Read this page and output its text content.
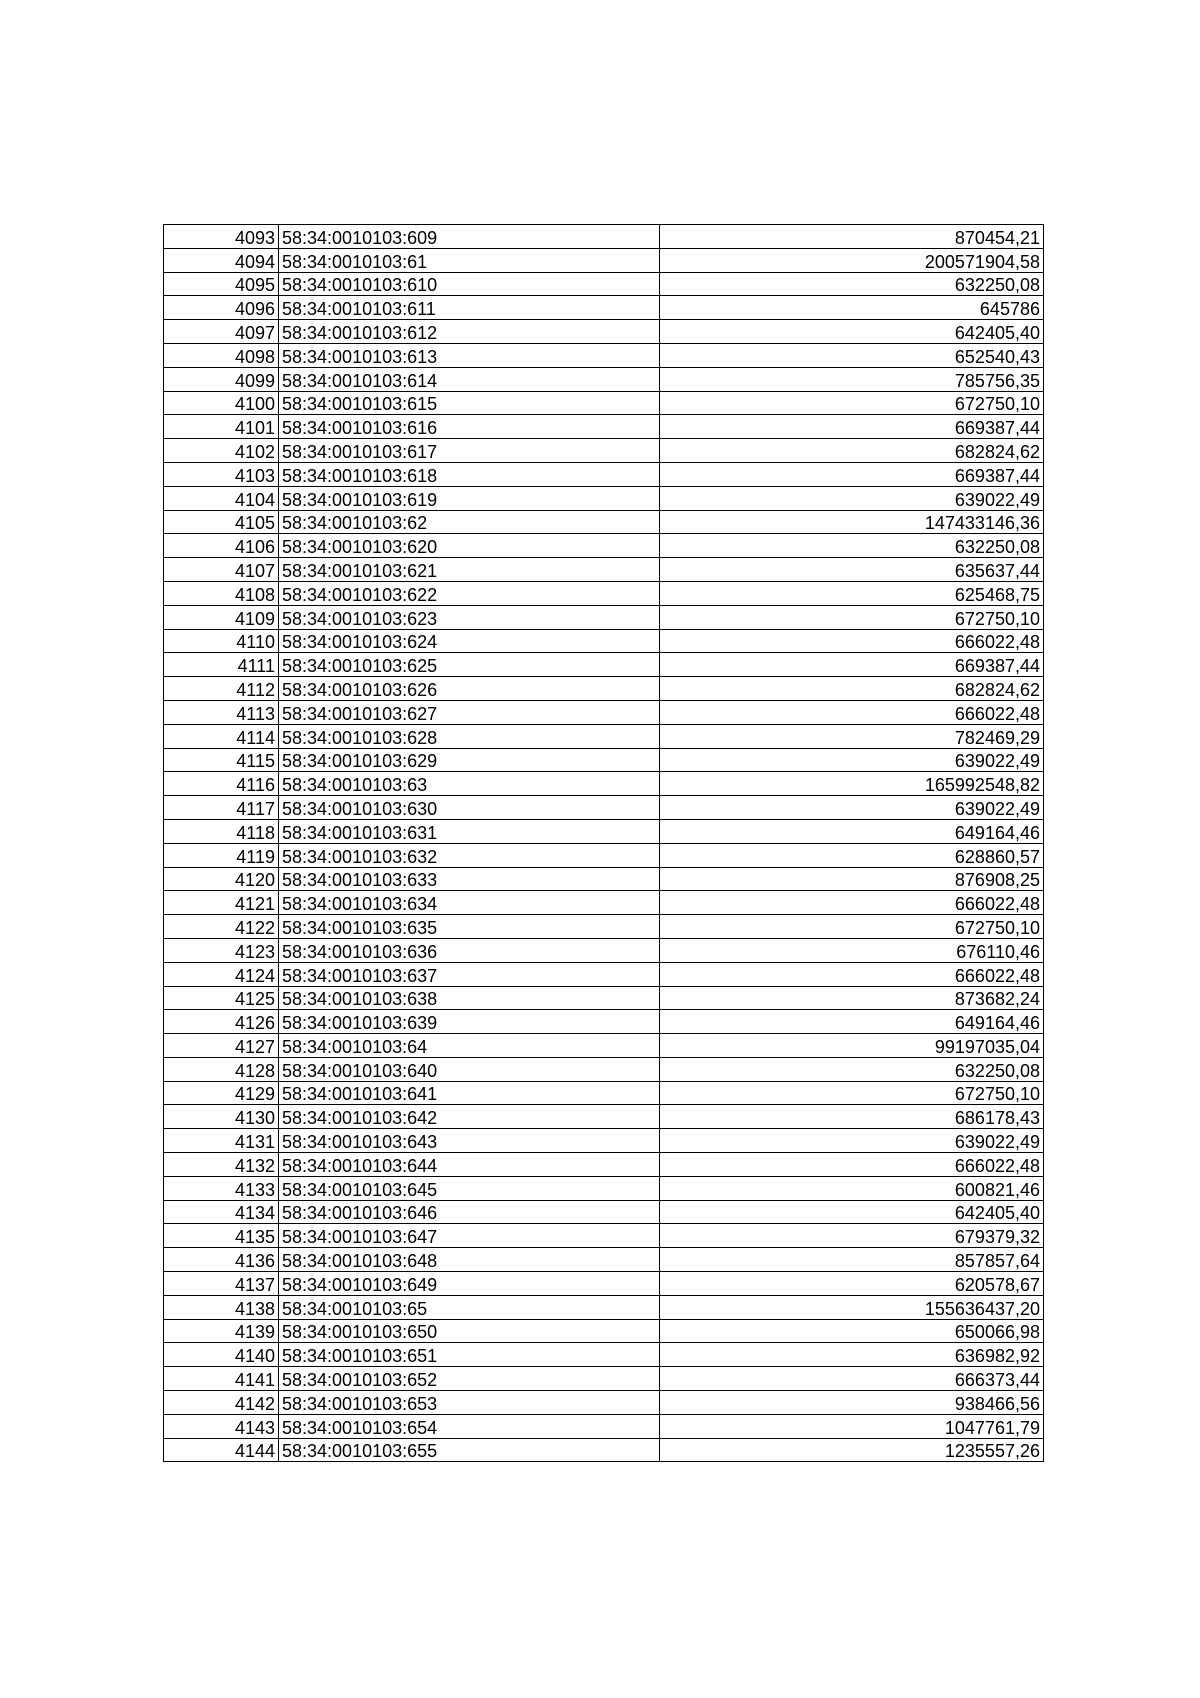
4093	58:34:0010103:609	870454,21
4094	58:34:0010103:61	200571904,58
4095	58:34:0010103:610	632250,08
4096	58:34:0010103:611	645786
4097	58:34:0010103:612	642405,40
4098	58:34:0010103:613	652540,43
4099	58:34:0010103:614	785756,35
4100	58:34:0010103:615	672750,10
4101	58:34:0010103:616	669387,44
4102	58:34:0010103:617	682824,62
4103	58:34:0010103:618	669387,44
4104	58:34:0010103:619	639022,49
4105	58:34:0010103:62	147433146,36
4106	58:34:0010103:620	632250,08
4107	58:34:0010103:621	635637,44
4108	58:34:0010103:622	625468,75
4109	58:34:0010103:623	672750,10
4110	58:34:0010103:624	666022,48
4111	58:34:0010103:625	669387,44
4112	58:34:0010103:626	682824,62
4113	58:34:0010103:627	666022,48
4114	58:34:0010103:628	782469,29
4115	58:34:0010103:629	639022,49
4116	58:34:0010103:63	165992548,82
4117	58:34:0010103:630	639022,49
4118	58:34:0010103:631	649164,46
4119	58:34:0010103:632	628860,57
4120	58:34:0010103:633	876908,25
4121	58:34:0010103:634	666022,48
4122	58:34:0010103:635	672750,10
4123	58:34:0010103:636	676110,46
4124	58:34:0010103:637	666022,48
4125	58:34:0010103:638	873682,24
4126	58:34:0010103:639	649164,46
4127	58:34:0010103:64	99197035,04
4128	58:34:0010103:640	632250,08
4129	58:34:0010103:641	672750,10
4130	58:34:0010103:642	686178,43
4131	58:34:0010103:643	639022,49
4132	58:34:0010103:644	666022,48
4133	58:34:0010103:645	600821,46
4134	58:34:0010103:646	642405,40
4135	58:34:0010103:647	679379,32
4136	58:34:0010103:648	857857,64
4137	58:34:0010103:649	620578,67
4138	58:34:0010103:65	155636437,20
4139	58:34:0010103:650	650066,98
4140	58:34:0010103:651	636982,92
4141	58:34:0010103:652	666373,44
4142	58:34:0010103:653	938466,56
4143	58:34:0010103:654	1047761,79
4144	58:34:0010103:655	1235557,26
